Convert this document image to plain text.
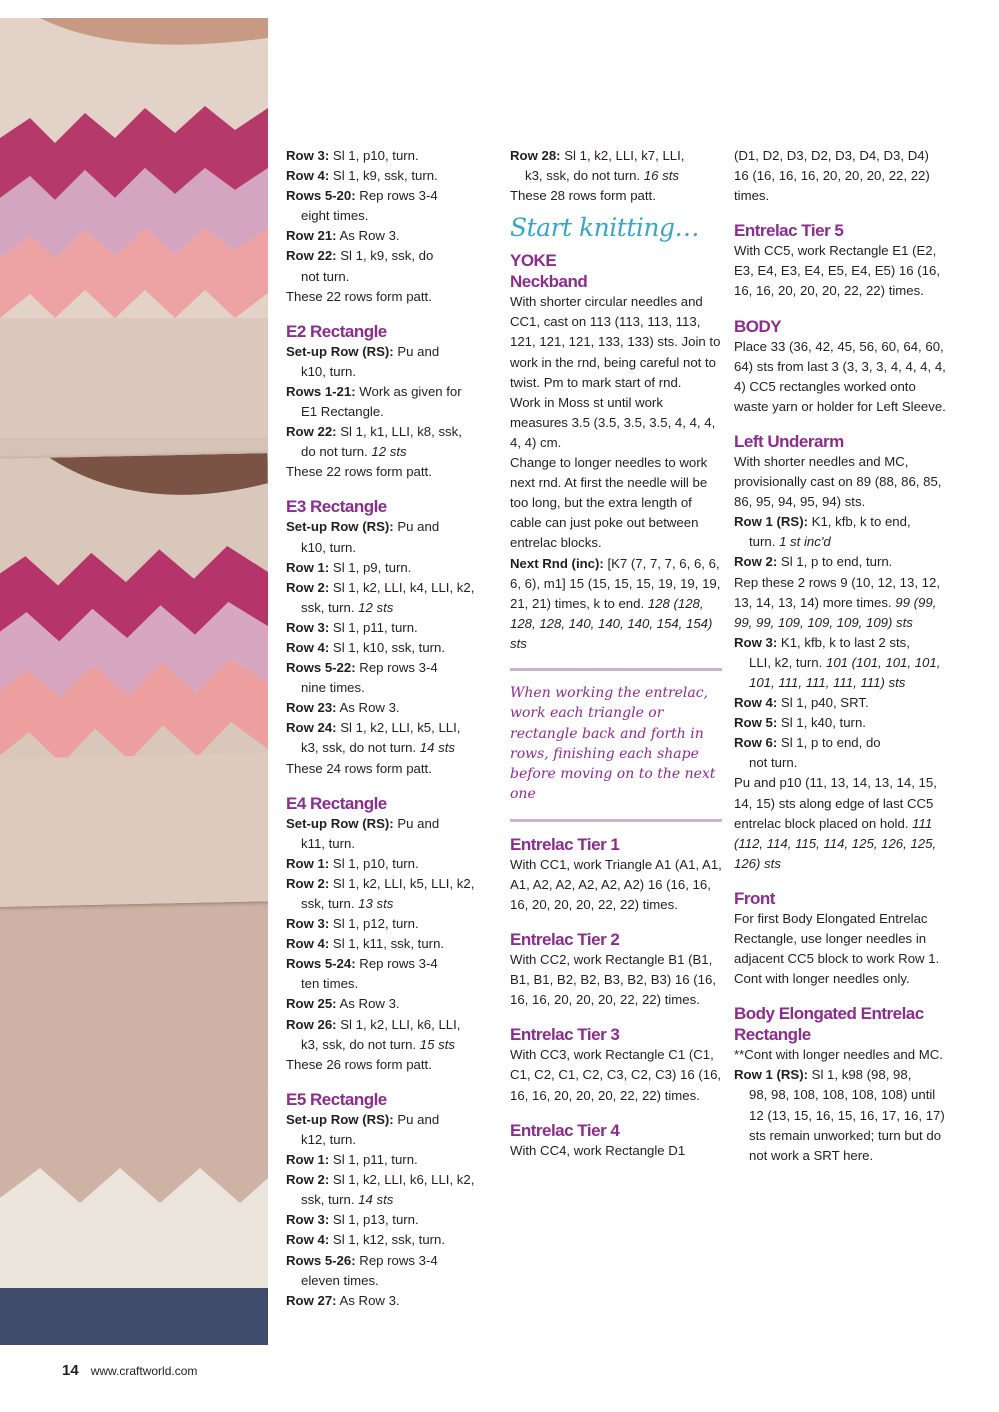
Row 3: Sl 1, p10, turn.

Row 4: Sl 1, k9, ssk, turn.

Rows 5-20: Rep rows 3-4

eight times.

Row 21: As Row 3.

Row 22: Sl 1, k9, ssk, do

not turn.

These 22 rows form patt.

E2 Rectangle

Set-up Row (RS): Pu and

k10, turn.

Rows 1-21: Work as given for

E1 Rectangle.

Row 22: Sl 1, k1, LLI, k8, ssk,

do not turn. 12 sts

These 22 rows form patt.

E3 Rectangle

Set-up Row (RS): Pu and

k10, turn.

Row 1: Sl 1, p9, turn.

Row 2: Sl 1, k2, LLI, k4, LLI, k2,

ssk, turn. 12 sts

Row 3: Sl 1, p11, turn.

Row 4: Sl 1, k10, ssk, turn.

Rows 5-22: Rep rows 3-4

nine times.

Row 23: As Row 3.

Row 24: Sl 1, k2, LLI, k5, LLI,

k3, ssk, do not turn. 14 sts

These 24 rows form patt.

E4 Rectangle

Set-up Row (RS): Pu and

k11, turn.

Row 1: Sl 1, p10, turn.

Row 2: Sl 1, k2, LLI, k5, LLI, k2,

ssk, turn. 13 sts

Row 3: Sl 1, p12, turn.

Row 4: Sl 1, k11, ssk, turn.

Rows 5-24: Rep rows 3-4

ten times.

Row 25: As Row 3.

Row 26: Sl 1, k2, LLI, k6, LLI,

k3, ssk, do not turn. 15 sts

These 26 rows form patt.

E5 Rectangle

Set-up Row (RS): Pu and

k12, turn.

Row 1: Sl 1, p11, turn.

Row 2: Sl 1, k2, LLI, k6, LLI, k2,

ssk, turn. 14 sts

Row 3: Sl 1, p13, turn.

Row 4: Sl 1, k12, ssk, turn.

Rows 5-26: Rep rows 3-4

eleven times.

Row 27: As Row 3.

Row 28: Sl 1, k2, LLI, k7, LLI,

k3, ssk, do not turn. 16 sts

These 28 rows form patt.

Start knitting…

YOKE

Neckband

With shorter circular needles and CC1, cast on 113 (113, 113, 113, 121, 121, 121, 133, 133) sts. Join to work in the rnd, being careful not to twist. Pm to mark start of rnd.

Work in Moss st until work measures 3.5 (3.5, 3.5, 3.5, 4, 4, 4, 4, 4) cm.

Change to longer needles to work next rnd. At first the needle will be too long, but the extra length of cable can just poke out between entrelac blocks.

Next Rnd (inc): [K7 (7, 7, 7, 6, 6, 6, 6, 6), m1] 15 (15, 15, 15, 19, 19, 19, 21, 21) times, k to end. 128 (128, 128, 128, 140, 140, 140, 154, 154) sts

When working the entrelac, work each triangle or rectangle back and forth in rows, finishing each shape before moving on to the next one

Entrelac Tier 1

With CC1, work Triangle A1 (A1, A1, A1, A2, A2, A2, A2, A2) 16 (16, 16, 16, 20, 20, 20, 22, 22) times.

Entrelac Tier 2

With CC2, work Rectangle B1 (B1, B1, B1, B2, B2, B3, B2, B3) 16 (16, 16, 16, 20, 20, 20, 22, 22) times.

Entrelac Tier 3

With CC3, work Rectangle C1 (C1, C1, C2, C1, C2, C3, C2, C3) 16 (16, 16, 16, 20, 20, 20, 22, 22) times.

Entrelac Tier 4

With CC4, work Rectangle D1

(D1, D2, D3, D2, D3, D4, D3, D4) 16 (16, 16, 16, 20, 20, 20, 22, 22) times.

Entrelac Tier 5

With CC5, work Rectangle E1 (E2, E3, E4, E3, E4, E5, E4, E5) 16 (16, 16, 16, 20, 20, 20, 22, 22) times.

BODY

Place 33 (36, 42, 45, 56, 60, 64, 60, 64) sts from last 3 (3, 3, 3, 4, 4, 4, 4, 4) CC5 rectangles worked onto waste yarn or holder for Left Sleeve.

Left Underarm

With shorter needles and MC, provisionally cast on 89 (88, 86, 85, 86, 95, 94, 95, 94) sts.

Row 1 (RS): K1, kfb, k to end,

turn. 1 st inc'd

Row 2: Sl 1, p to end, turn.

Rep these 2 rows 9 (10, 12, 13, 12, 13, 14, 13, 14) more times. 99 (99, 99, 99, 109, 109, 109, 109) sts

Row 3: K1, kfb, k to last 2 sts,

LLI, k2, turn. 101 (101, 101, 101, 101, 111, 111, 111, 111) sts

Row 4: Sl 1, p40, SRT.

Row 5: Sl 1, k40, turn.

Row 6: Sl 1, p to end, do

not turn.

Pu and p10 (11, 13, 14, 13, 14, 15, 14, 15) sts along edge of last CC5 entrelac block placed on hold. 111 (112, 114, 115, 114, 125, 126, 125, 126) sts

Front

For first Body Elongated Entrelac Rectangle, use longer needles in adjacent CC5 block to work Row 1. Cont with longer needles only.

Body Elongated Entrelac Rectangle

**Cont with longer needles and MC.

Row 1 (RS): Sl 1, k98 (98, 98,

98, 98, 108, 108, 108, 108) until 12 (13, 15, 16, 15, 16, 17, 16, 17) sts remain unworked; turn but do not work a SRT here.

14 www.craftworld.com
